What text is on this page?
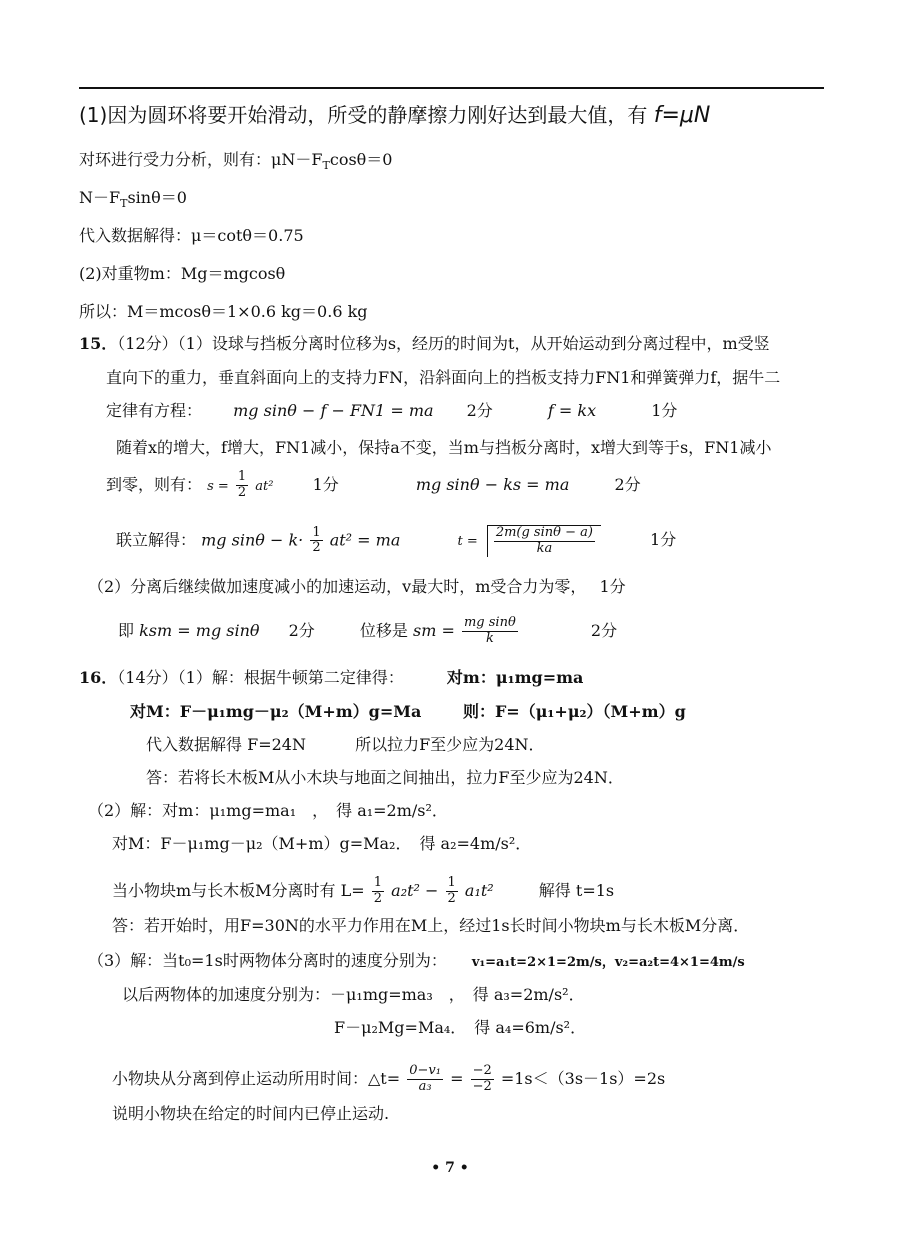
(1)因为圆环将要开始滑动，所受的静摩擦力刚好达到最大值，有 f=μN
对环进行受力分析，则有：$\mu N-F_T\cos\theta=0$
$N-F_T\sin\theta=0$
代入数据解得：μ＝cotθ＝0.75
(2)对重物m：Mg＝mgcosθ
所以：M＝mcosθ＝1×0.6 kg＝0.6 kg
15．（12分）（1）设球与挡板分离时位移为s，经历的时间为t，从开始运动到分离过程中，m受竖
直向下的重力，垂直斜面向上的支持力FN，沿斜面向上的挡板支持力FN1和弹簧弹力f，据牛二
定律有方程： mg sinθ − f − FN1 = ma 2分	f = kx	1分
随着x的增大，f增大，FN1减小，保持a不变，当m与挡板分离时，x增大到等于s，FN1减小
到零，则有： $s = \frac{1}{2} at^2$ 1分	mg sinθ − ks = ma	2分
联立解得： mg $\sin\theta - k\cdot \frac{1}{2} at^2$ = ma	$t = \frac{\text{2m(g sinθ − a)}}{ka}$	1分
（2）分离后继续做加速度减小的加速运动，v最大时，m受合力为零， 1分
即 ksm = mg sinθ 2分	位移是 sm = $\frac{\text{mg sinθ}}{k}$	2分
16．（14分）（1）解：根据牛顿第二定律得：	对m：μ₁mg=ma
对M：F－μ₁mg－μ₂（M+m）g=Ma	则：F=（μ₁+μ₂）（M+m）g
代入数据解得 F=24N	所以拉力F至少应为24N．
答：若将长木板M从小木块与地面之间抽出，拉力F至少应为24N．
（2）解：对m：μ₁mg=ma₁　，　得 a₁=2m/s²．
对M：F－μ₁mg－μ₂（M+m）g=Ma₂．　得 a₂=4m/s²．
当小物块m与长木板M分离时有 $L= \frac{1}{2} a_2t^2 - \frac{1}{2} a_1t^2$	解得 t=1s
答：若开始时，用F=30N的水平力作用在M上，经过1s长时间小物块m与长木板M分离．
（3）解：当t₀=1s时两物体分离时的速度分别为： v₁=a₁t=2×1=2m/s，v₂=a₂t=4×1=4m/s
以后两物体的加速度分别为：－μ₁mg=ma₃　，　得 a₃=2m/s²．
F－μ₂Mg=Ma₄．　得 a₄=6m/s²．
小物块从分离到停止运动所用时间：△t= $\frac{\text{0−v₁}}{\text{a₃}} = \frac{-2}{-2} =1s<(3s-1s)=2s$
说明小物块在给定的时间内已停止运动.
• 7 •
